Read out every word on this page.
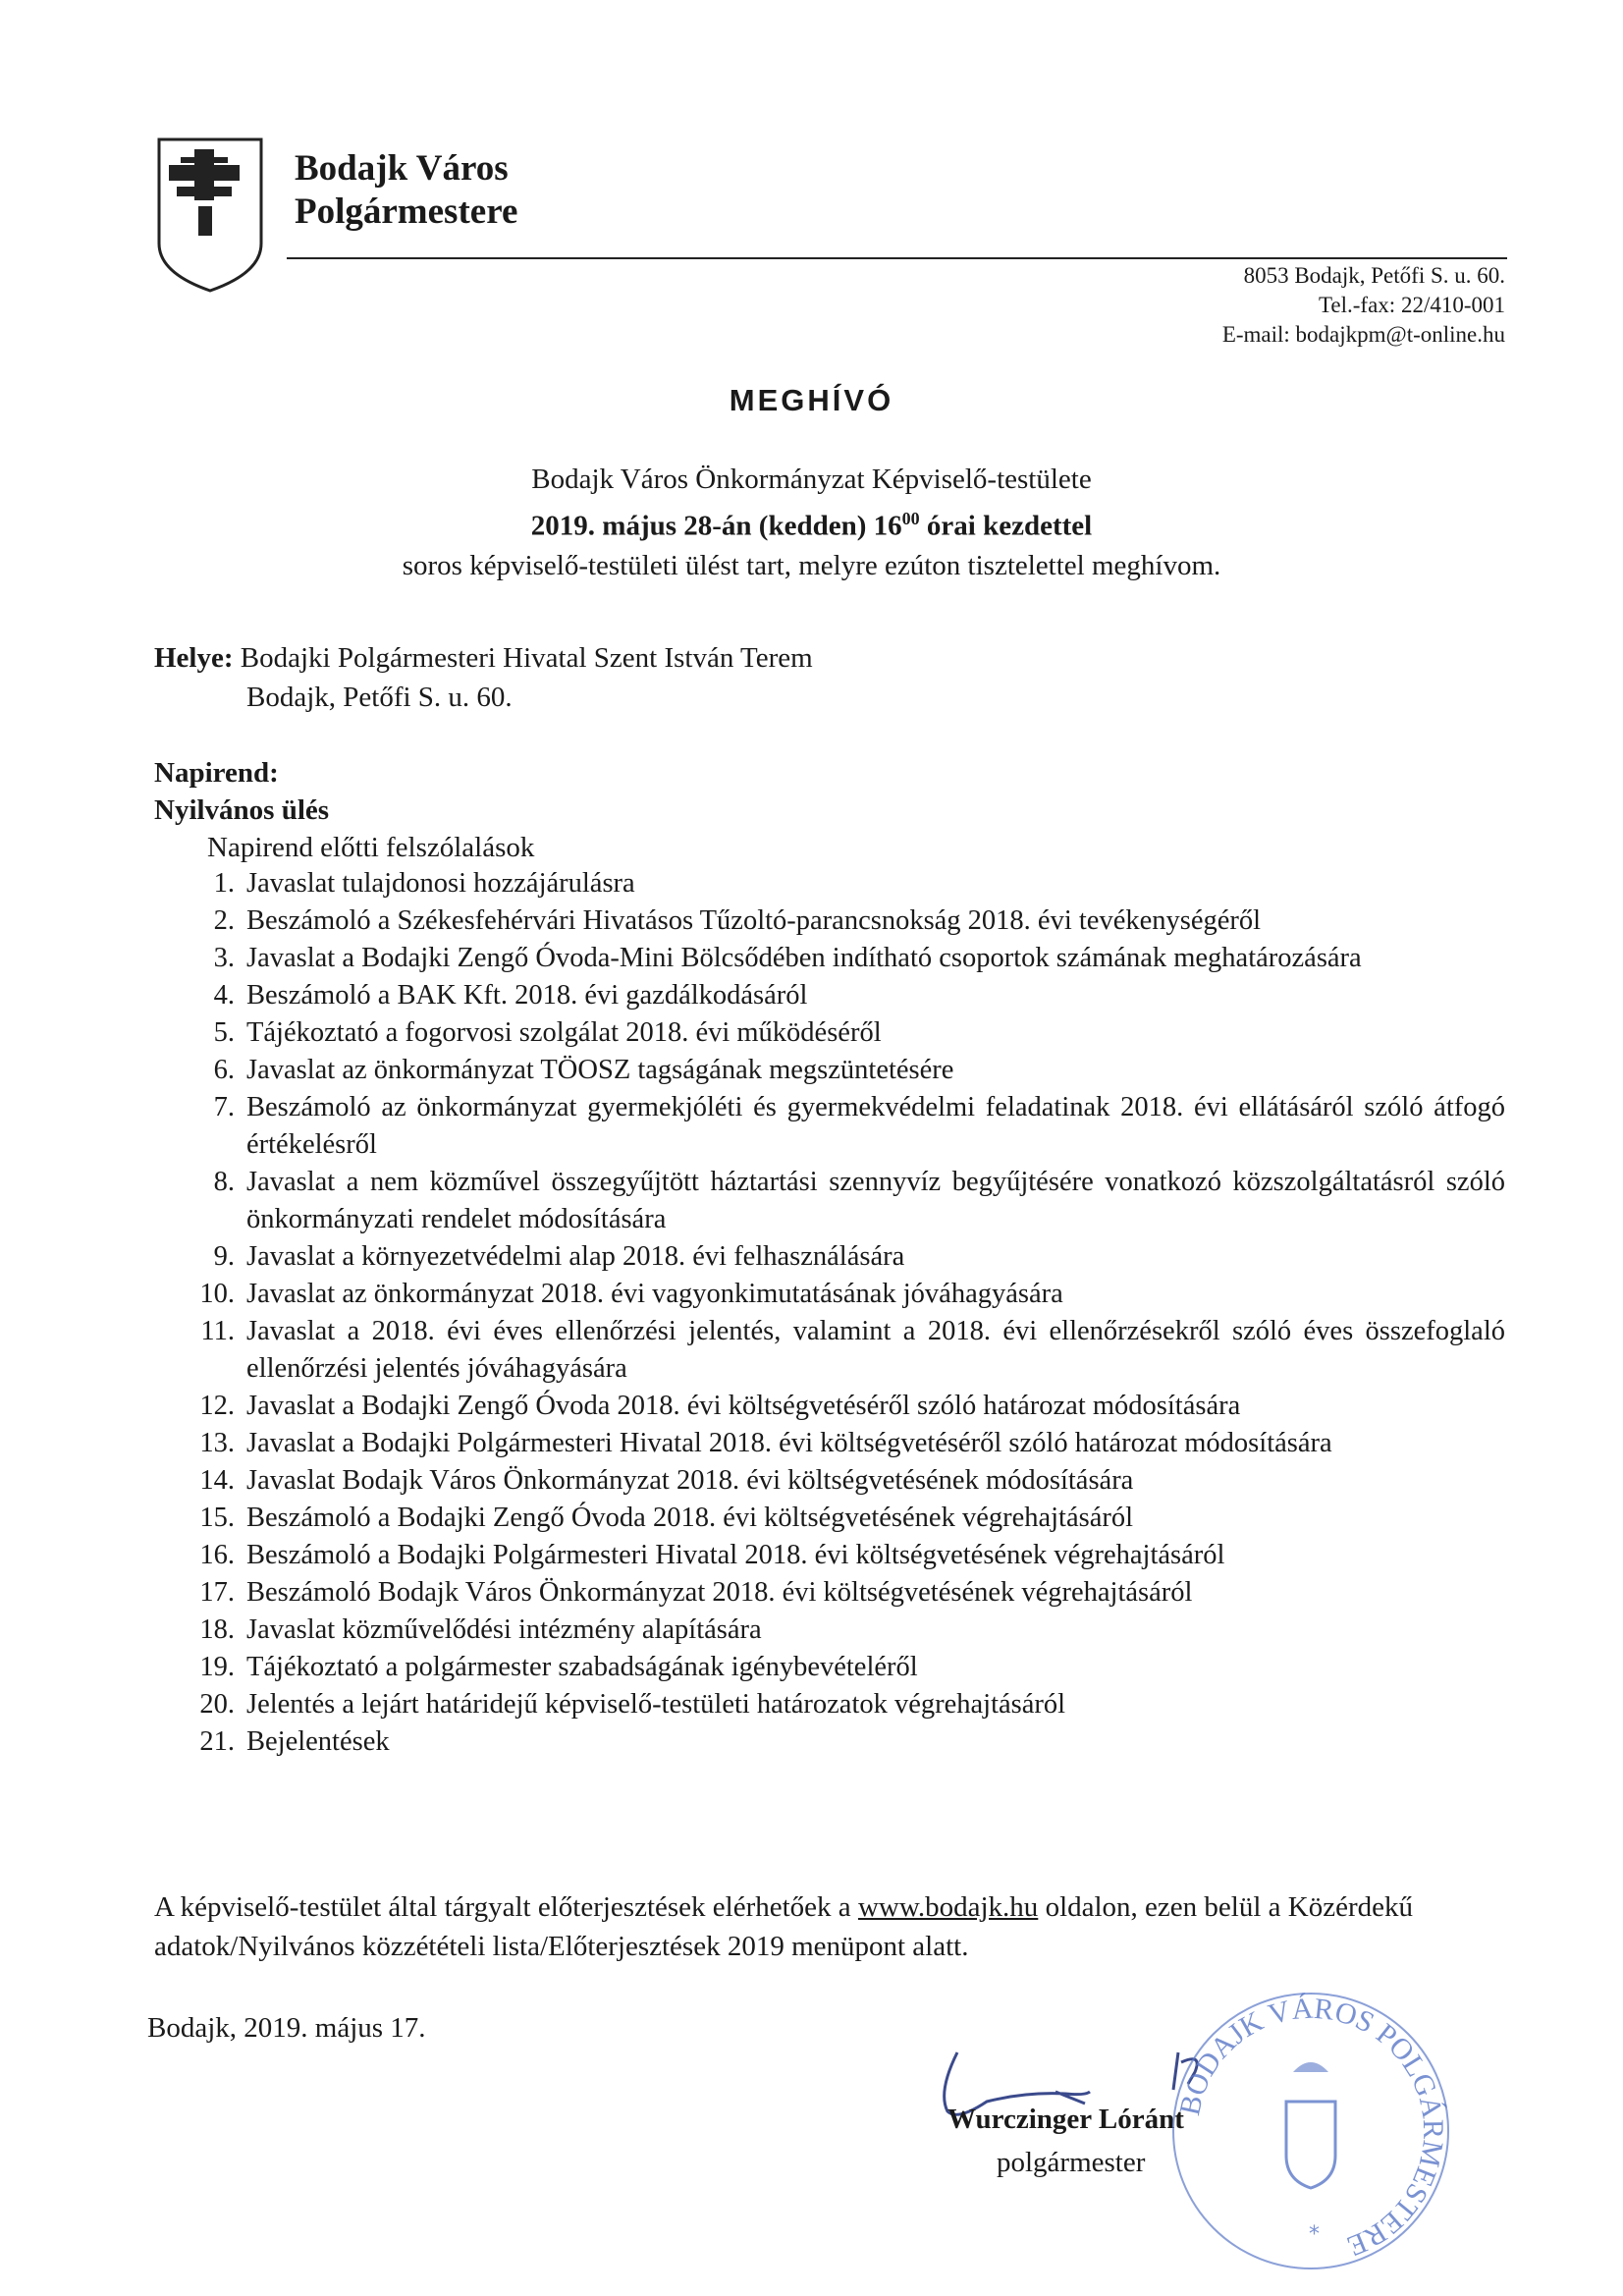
Bodajk Város
Polgármestere
8053 Bodajk, Petőfi S. u. 60.
Tel.-fax: 22/410-001
E-mail: bodajkpm@t-online.hu
MEGHÍVÓ
Bodajk Város Önkormányzat Képviselő-testülete
2019. május 28-án (kedden) $16^{00}$ órai kezdettel
soros képviselő-testületi ülést tart, melyre ezúton tisztelettel meghívom.
Helye: Bodajki Polgármesteri Hivatal Szent István Terem
Bodajk, Petőfi S. u. 60.
Napirend:
Nyilvános ülés
Napirend előtti felszólalások
1. Javaslat tulajdonosi hozzájárulásra
2. Beszámoló a Székesfehérvári Hivatásos Tűzoltó-parancsnokság 2018. évi tevékenységéről
3. Javaslat a Bodajki Zengő Óvoda-Mini Bölcsődében indítható csoportok számának meghatározására
4. Beszámoló a BAK Kft. 2018. évi gazdálkodásáról
5. Tájékoztató a fogorvosi szolgálat 2018. évi működéséről
6. Javaslat az önkormányzat TÖOSZ tagságának megszüntetésére
7. Beszámoló az önkormányzat gyermekjóléti és gyermekvédelmi feladatinak 2018. évi ellátásáról szóló átfogó értékelésről
8. Javaslat a nem közművel összegyűjtött háztartási szennyvíz begyűjtésére vonatkozó közszolgáltatásról szóló önkormányzati rendelet módosítására
9. Javaslat a környezetvédelmi alap 2018. évi felhasználására
10. Javaslat az önkormányzat 2018. évi vagyonkimutatásának jóváhagyására
11. Javaslat a 2018. évi éves ellenőrzési jelentés, valamint a 2018. évi ellenőrzésekről szóló éves összefoglaló ellenőrzési jelentés jóváhagyására
12. Javaslat a Bodajki Zengő Óvoda 2018. évi költségvetéséről szóló határozat módosítására
13. Javaslat a Bodajki Polgármesteri Hivatal 2018. évi költségvetéséről szóló határozat módosítására
14. Javaslat Bodajk Város Önkormányzat 2018. évi költségvetésének módosítására
15. Beszámoló a Bodajki Zengő Óvoda 2018. évi költségvetésének végrehajtásáról
16. Beszámoló a Bodajki Polgármesteri Hivatal 2018. évi költségvetésének végrehajtásáról
17. Beszámoló Bodajk Város Önkormányzat 2018. évi költségvetésének végrehajtásáról
18. Javaslat közművelődési intézmény alapítására
19. Tájékoztató a polgármester szabadságának igénybevételéről
20. Jelentés a lejárt határidejű képviselő-testületi határozatok végrehajtásáról
21. Bejelentések
A képviselő-testület által tárgyalt előterjesztések elérhetőek a www.bodajk.hu oldalon, ezen belül a Közérdekű adatok/Nyilvános közzétételi lista/Előterjesztések 2019 menüpont alatt.
Bodajk, 2019. május 17.
Wurczinger Lóránt
polgármester
BODAJK VÁROS POLGÁRMESTERE
*
